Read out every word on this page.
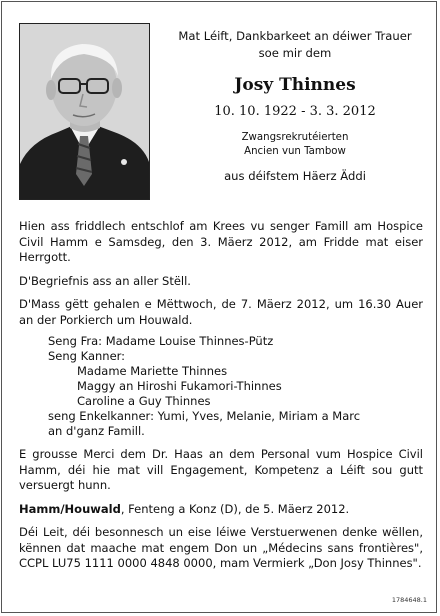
Mat Léift, Dankbarkeet an déiwer Trauer
soe mir dem
Josy Thinnes
10. 10. 1922 - 3. 3. 2012
Zwangsrekrutéierten
Ancien vun Tambow
aus déifstem Häerz Äddi

Hien ass friddlech entschlof am Krees vu senger Famill am Hospice Civil Hamm e Samsdeg, den 3. Mäerz 2012, am Fridde mat eiser Herrgott.

D'Begriefnis ass an aller Stëll.

D'Mass gëtt gehalen e Mëttwoch, de 7. Mäerz 2012, um 16.30 Auer an der Porkierch um Houwald.

Seng Fra: Madame Louise Thinnes-Pütz
Seng Kanner:
Madame Mariette Thinnes
Maggy an Hiroshi Fukamori-Thinnes
Caroline a Guy Thinnes
seng Enkelkanner: Yumi, Yves, Melanie, Miriam a Marc
an d'ganz Famill.

E grousse Merci dem Dr. Haas an dem Personal vum Hospice Civil Hamm, déi hie mat vill Engagement, Kompetenz a Léift sou gutt versuergt hunn.

Hamm/Houwald, Fenteng a Konz (D), de 5. Mäerz 2012.

Déi Leit, déi besonnesch un eise léiwe Verstuerwenen denke wëllen, kënnen dat maache mat engem Don un „Médecins sans frontières", CCPL LU75 1111 0000 4848 0000, mam Vermierk „Don Josy Thinnes".

1784648.1
